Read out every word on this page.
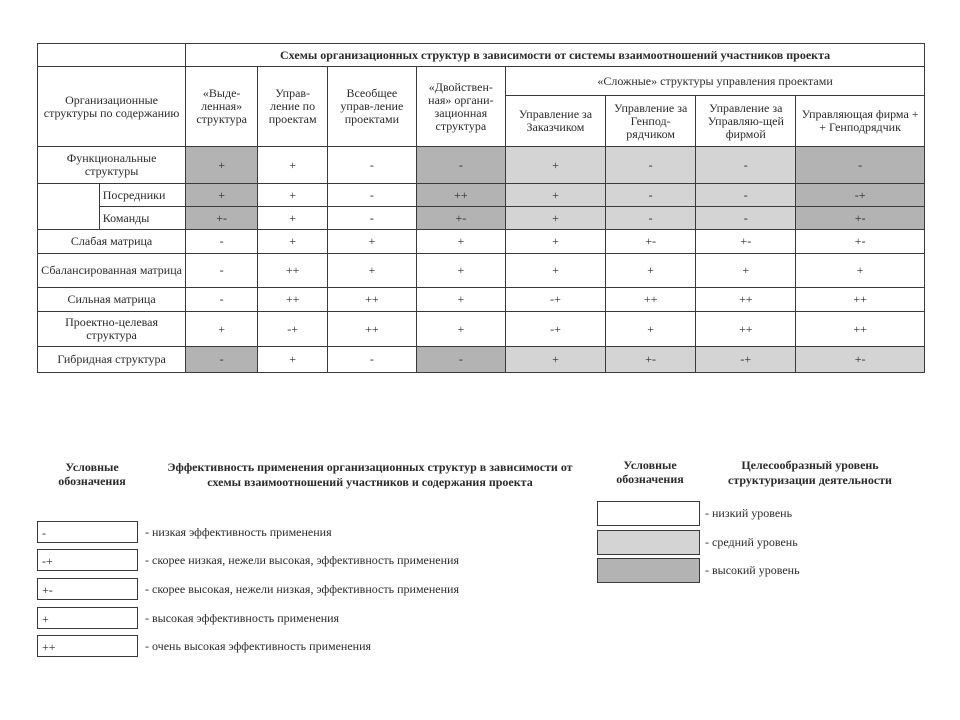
		Схемы организационных структур в зависимости от системы взаимоотношений участников проекта							
Организационные структуры по содержанию		«Выде-ленная» структура	Управ-ление по проектам	Всеобщее управ-ление проектами	«Двойствен-ная» органи-зационная структура	«Сложные» структуры управления проектами			
						Управление за Заказчиком	Управление за Генпод-рядчиком	Управление за Управляю-щей фирмой	Управляющая фирма + + Генподрядчик
Функциональные структуры		+	+	-	-	+	-	-	-
	Посредники	+	+	-	++	+	-	-	-+
	Команды	+-	+	-	+-	+	-	-	+-
Слабая матрица		-	+	+	+	+	+-	+-	+-
Сбалансированная матрица		-	++	+	+	+	+	+	+
Сильная матрица		-	++	++	+	-+	++	++	++
Проектно-целевая структура		+	-+	++	+	-+	+	++	++
Гибридная структура		-	+	-	-	+	+-	-+	+-
Условные обозначения
Эффективность применения организационных структур в зависимости от схемы взаимоотношений участников и содержания проекта
-	- низкая эффективность применения
-+	- скорее низкая, нежели высокая, эффективность применения
+-	- скорее высокая, нежели низкая, эффективность применения
+	- высокая эффективность применения
++	- очень высокая эффективность применения
Условные обозначения
Целесообразный уровень структуризации деятельности
- низкий уровень
- средний уровень
- высокий уровень
